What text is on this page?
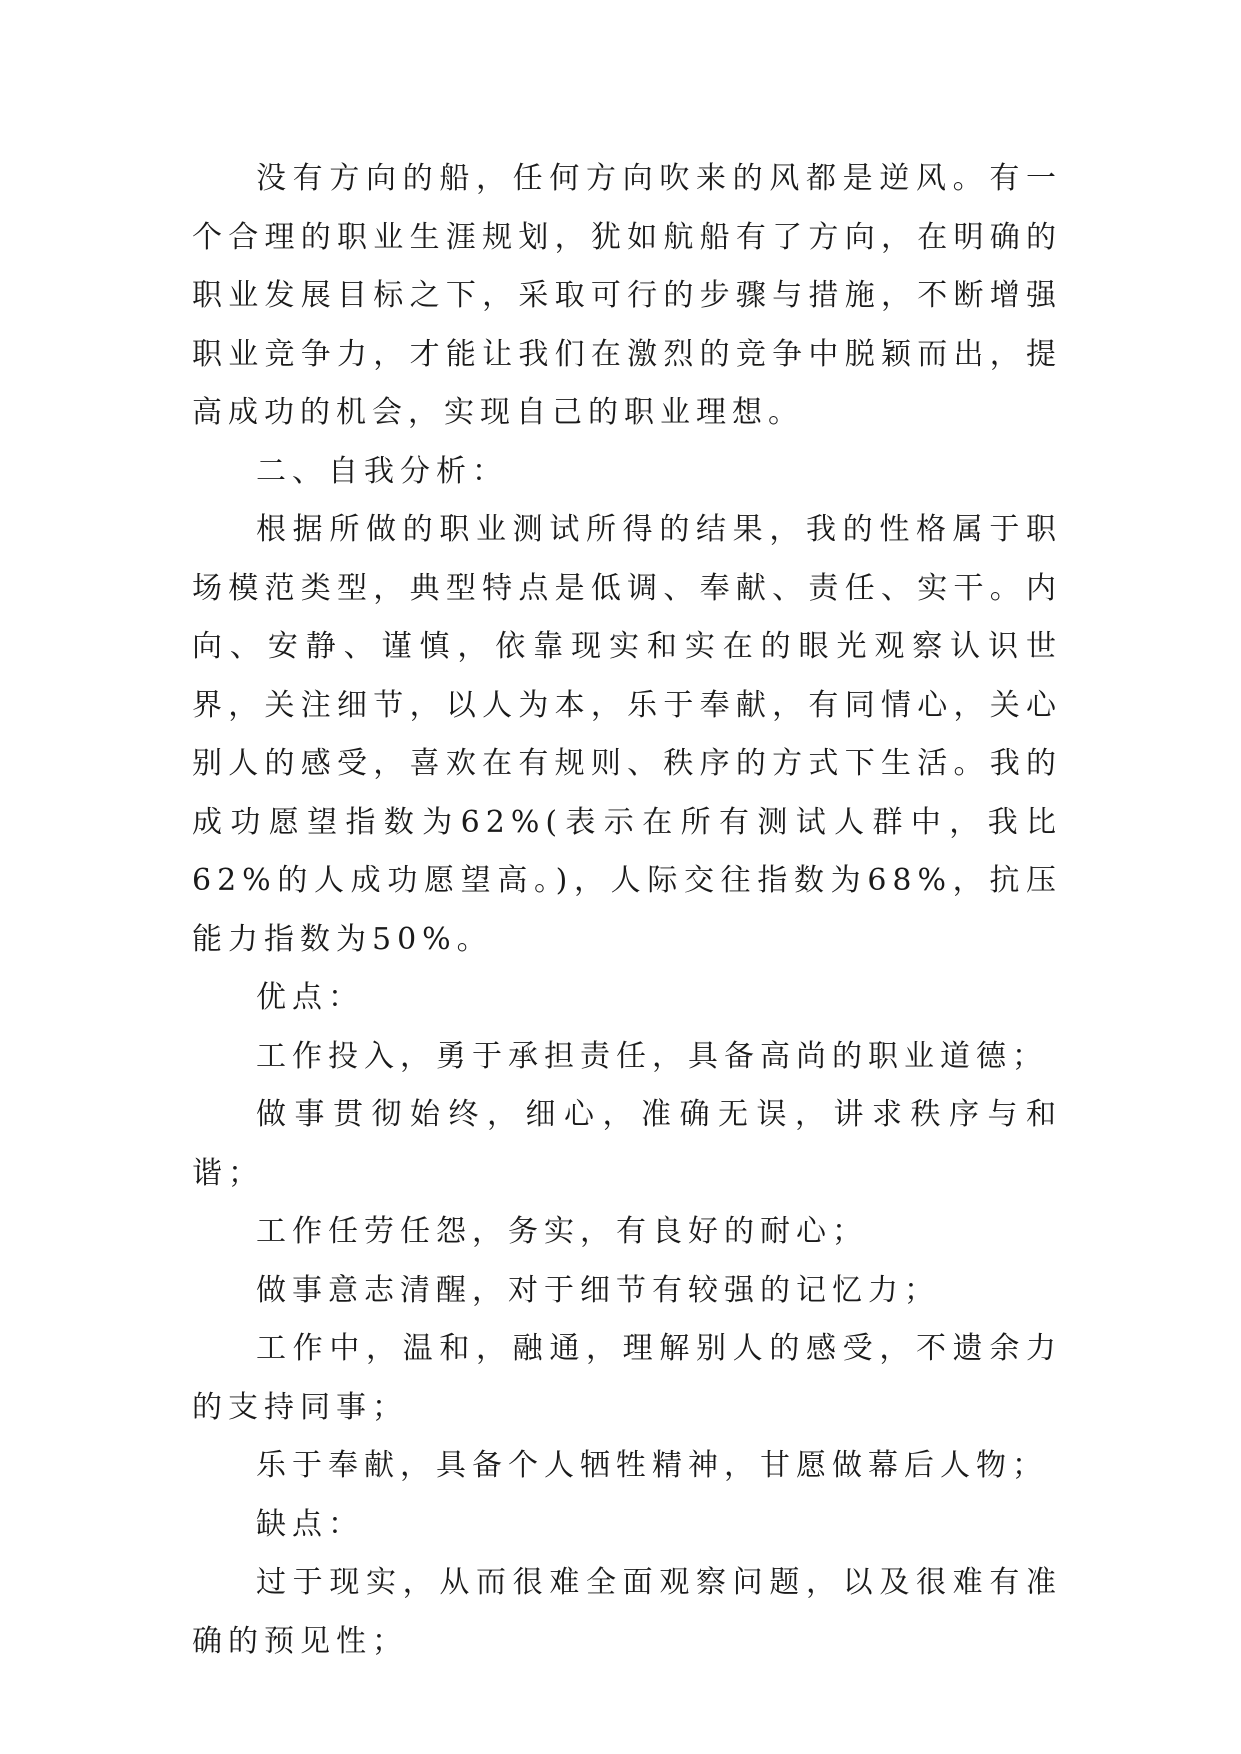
没有方向的船，任何方向吹来的风都是逆风。有一个合理的职业生涯规划，犹如航船有了方向，在明确的职业发展目标之下，采取可行的步骤与措施，不断增强职业竞争力，才能让我们在激烈的竞争中脱颖而出，提高成功的机会，实现自己的职业理想。

二、自我分析：

根据所做的职业测试所得的结果，我的性格属于职场模范类型，典型特点是低调、奉献、责任、实干。内向、安静、谨慎，依靠现实和实在的眼光观察认识世界，关注细节，以人为本，乐于奉献，有同情心，关心别人的感受，喜欢在有规则、秩序的方式下生活。我的成功愿望指数为62%(表示在所有测试人群中，我比62%的人成功愿望高。)，人际交往指数为68%，抗压能力指数为50%。

优点：

工作投入，勇于承担责任，具备高尚的职业道德；

做事贯彻始终，细心，准确无误，讲求秩序与和谐；

工作任劳任怨，务实，有良好的耐心；

做事意志清醒，对于细节有较强的记忆力；

工作中，温和，融通，理解别人的感受，不遗余力的支持同事；

乐于奉献，具备个人牺牲精神，甘愿做幕后人物；

缺点：

过于现实，从而很难全面观察问题，以及很难有准确的预见性；
